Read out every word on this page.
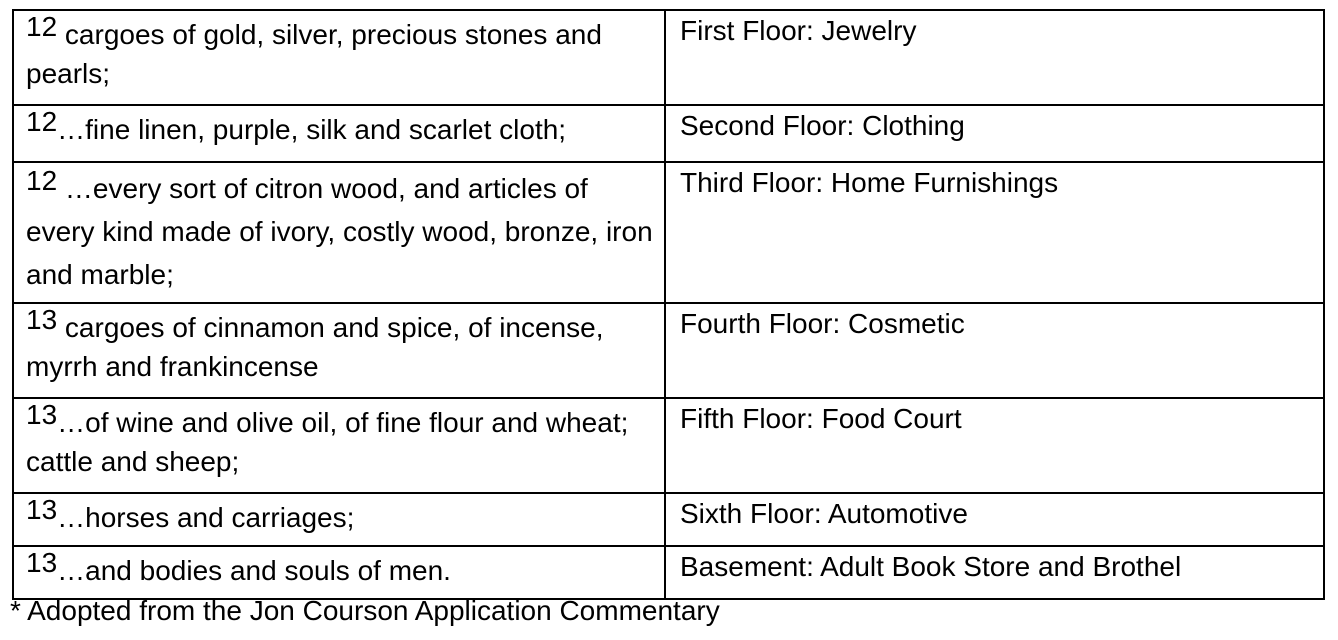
12 cargoes of gold, silver, precious stones and pearls;	First Floor: Jewelry
12…fine linen, purple, silk and scarlet cloth;	Second Floor: Clothing
12 …every sort of citron wood, and articles of every kind made of ivory, costly wood, bronze, iron and marble;	Third Floor: Home Furnishings
13 cargoes of cinnamon and spice, of incense, myrrh and frankincense	Fourth Floor: Cosmetic
13…of wine and olive oil, of fine flour and wheat; cattle and sheep;	Fifth Floor: Food Court
13…horses and carriages;	Sixth Floor: Automotive
13…and bodies and souls of men.	Basement: Adult Book Store and Brothel
* Adopted from the Jon Courson Application Commentary
